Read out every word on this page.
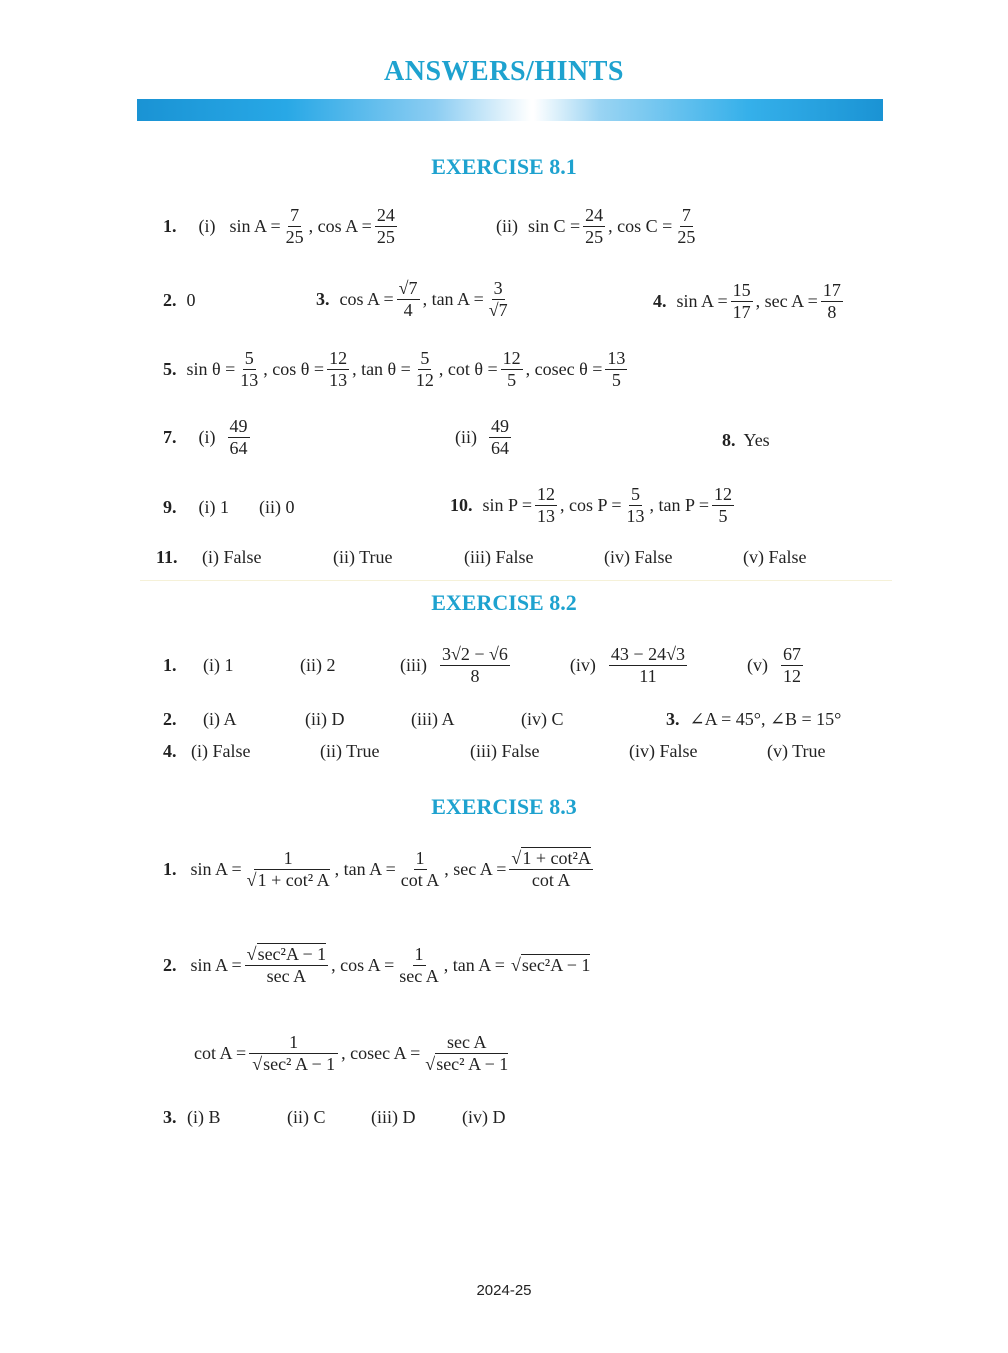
ANSWERS/HINTS
EXERCISE 8.1
1. (i) $\sin A = \frac{7}{25}$ , $\cos A = \frac{24}{25}$	(ii) $\sin C = \frac{24}{25}$ , $\cos C = \frac{7}{25}$
2. 0	3. $\cos A = \frac{√7}{4}$ , $\tan A = \frac{3}{√7}$	4. $\sin A = \frac{15}{17}$ , $\sec A = \frac{17}{8}$
5. $\sin \theta = \frac{5}{13}$ , $\cos \theta = \frac{12}{13}$ , $\tan \theta = \frac{5}{12}$ , $\cot \theta = \frac{12}{5}$ , cosec $\theta = \frac{13}{5}$
7. $(i) \frac{49}{64}$	$(ii) \frac{49}{64}$	8. Yes
9. (i) 1 (ii) 0	10. $\sin P = \frac{12}{13}$ , $\cos P = \frac{5}{13}$ , $\tan P = \frac{12}{5}$
11.	(i) False	(ii) True	(iii) False	(iv) False	(v) False
EXERCISE 8.2
1.	(i) 1	(ii) 2	$(iii) \frac{3√2 - √6}{8}$	$(iv) \frac{43 - 24√3}{11}$	$(v) \frac{67}{12}$
2.	(i) A	(ii) D	(iii) A	(iv) C	3. ∠A = 45°, ∠B = 15°
4. (i) False	(ii) True	(iii) False	(iv) False	(v) True
EXERCISE 8.3
1. $\sin A = \frac{1}{\text{√1 + cot² A}}$ , $\tan A = \frac{1}{\text{cot A}}$ , $\sec A = \frac{\text{√1 + cot²A}}{\text{cot A}}$
2. $\sin A = \frac{\text{√sec²A − 1}}{\text{sec A}}$ , $\cos A = \frac{1}{\text{sec A}}$ , tan A = √sec²A − 1
$\cot A = \frac{1}{\text{√sec² A − 1}}$ , cosec $A = \frac{\text{sec A}}{\text{√sec² A − 1}}$
3. (i) B	(ii) C	(iii) D	(iv) D
2024-25
